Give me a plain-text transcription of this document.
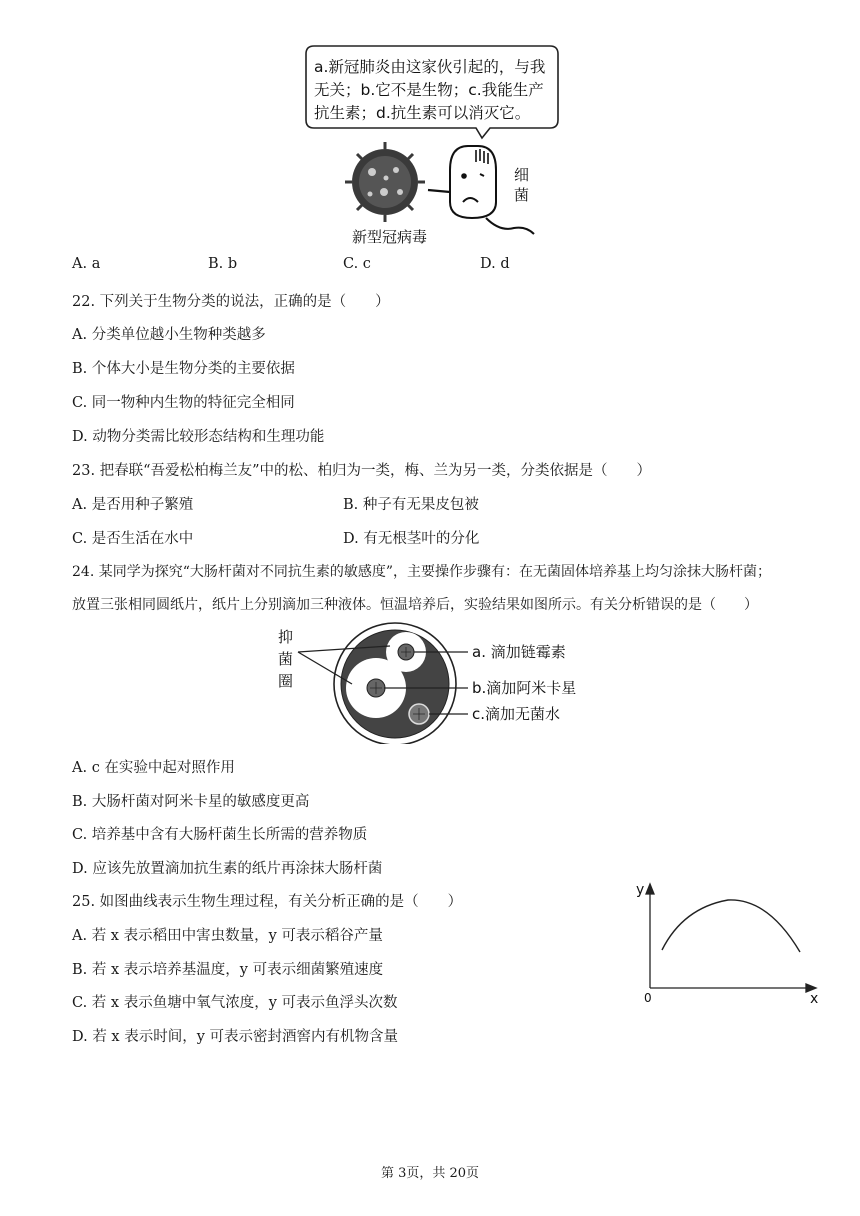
a.新冠肺炎由这家伙引起的，与我
无关；b.它不是生物；c.我能生产
抗生素；d.抗生素可以消灭它。
新型冠病毒
细
菌
A. a	B. b	C. c	D. d
22. 下列关于生物分类的说法，正确的是（　　）
A. 分类单位越小生物种类越多
B. 个体大小是生物分类的主要依据
C. 同一物种内生物的特征完全相同
D. 动物分类需比较形态结构和生理功能
23. 把春联“吾爱松柏梅兰友”中的松、柏归为一类，梅、兰为另一类，分类依据是（　　）
A. 是否用种子繁殖	B. 种子有无果皮包被
C. 是否生活在水中	D. 有无根茎叶的分化
24. 某同学为探究“大肠杆菌对不同抗生素的敏感度”，主要操作步骤有：在无菌固体培养基上均匀涂抹大肠杆菌；
放置三张相同圆纸片，纸片上分别滴加三种液体。恒温培养后，实验结果如图所示。有关分析错误的是（　　）
抑
菌
圈
a. 滴加链霉素
b.滴加阿米卡星
c.滴加无菌水
A. c 在实验中起对照作用
B. 大肠杆菌对阿米卡星的敏感度更高
C. 培养基中含有大肠杆菌生长所需的营养物质
D. 应该先放置滴加抗生素的纸片再涂抹大肠杆菌
25. 如图曲线表示生物生理过程，有关分析正确的是（　　）
A. 若 x 表示稻田中害虫数量，y 可表示稻谷产量
B. 若 x 表示培养基温度，y 可表示细菌繁殖速度
C. 若 x 表示鱼塘中氧气浓度，y 可表示鱼浮头次数
D. 若 x 表示时间，y 可表示密封酒窖内有机物含量
y
x
0
第 3页，共 20页
